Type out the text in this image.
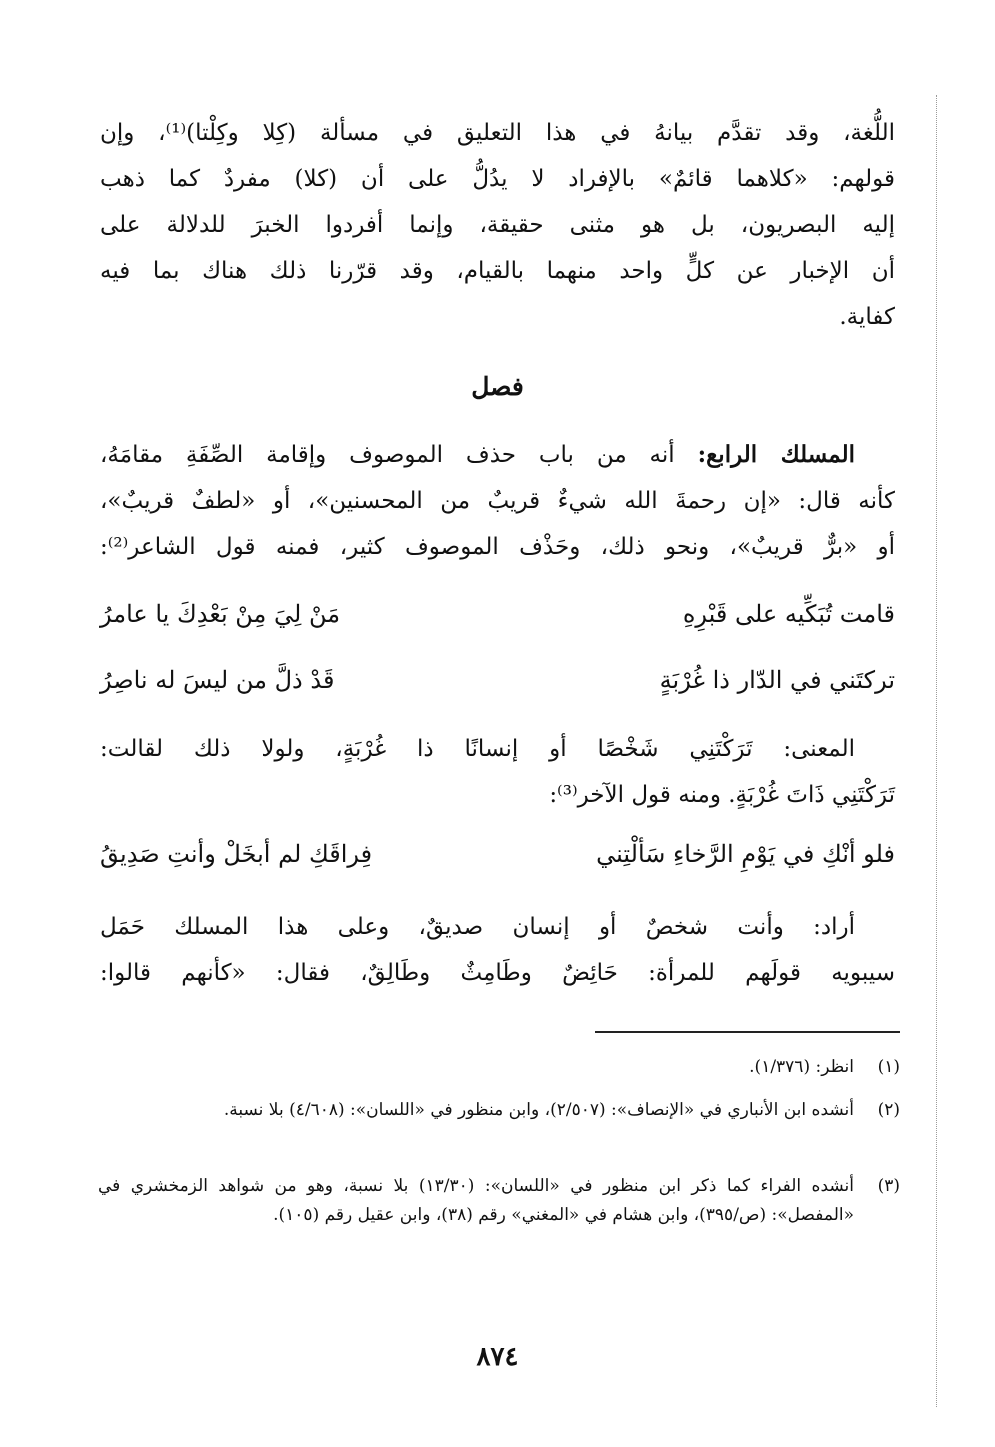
اللُّغة، وقد تقدَّم بيانهُ في هذا التعليق في مسألة (كِلا وكِلْتا)⁽¹⁾، وإن
قولهم: «كلاهما قائمٌ» بالإفراد لا يدُلُّ على أن (كلا) مفردٌ كما ذهب
إليه البصريون، بل هو مثنى حقيقة، وإنما أفردوا الخبرَ للدلالة على
أن الإخبار عن كلٍّ واحد منهما بالقيام، وقد قرّرنا ذلك هناك بما فيه
كفاية.
فصل
المسلك الرابع: أنه من باب حذف الموصوف وإقامة الصِّفَةِ مقامَهُ،
كأنه قال: «إن رحمةَ الله شيءٌ قريبٌ من المحسنين»، أو «لطفٌ قريبٌ»،
أو «برٌّ قريبٌ»، ونحو ذلك، وحَذْف الموصوف كثير، فمنه قول الشاعر⁽²⁾:
قامت تُبَكِّيه على قَبْرِهِ
مَنْ لِيَ مِنْ بَعْدِكَ يا عامرُ
تركتَني في الدّار ذا غُرْبَةٍ
قَدْ ذلَّ من ليسَ له ناصِرُ
المعنى: تَرَكْتَنِي شَخْصًا أو إنسانًا ذا غُرْبَةٍ، ولولا ذلك لقالت:
تَرَكْتَنِي ذَاتَ غُرْبَةٍ. ومنه قول الآخر⁽³⁾:
فلو أنْكِ في يَوْمِ الرَّخاءِ سَألْتِني
فِراقَكِ لم أبخَلْ وأنتِ صَدِيقُ
أراد: وأنت شخصٌ أو إنسان صديقٌ، وعلى هذا المسلك حَمَل
سيبويه قولَهم للمرأة: حَائِضٌ وطَامِثٌ وطَالِقٌ، فقال: «كأنهم قالوا:
(١)
انظر: (١/٣٧٦).
(٢)
أنشده ابن الأنباري في «الإنصاف»: (٢/٥٠٧)، وابن منظور في «اللسان»: (٤/٦٠٨) بلا نسبة.
(٣)
أنشده الفراء كما ذكر ابن منظور في «اللسان»: (١٣/٣٠) بلا نسبة، وهو من شواهد الزمخشري في «المفصل»: (ص/٣٩٥)، وابن هشام في «المغني» رقم (٣٨)، وابن عقيل رقم (١٠٥).
٨٧٤
